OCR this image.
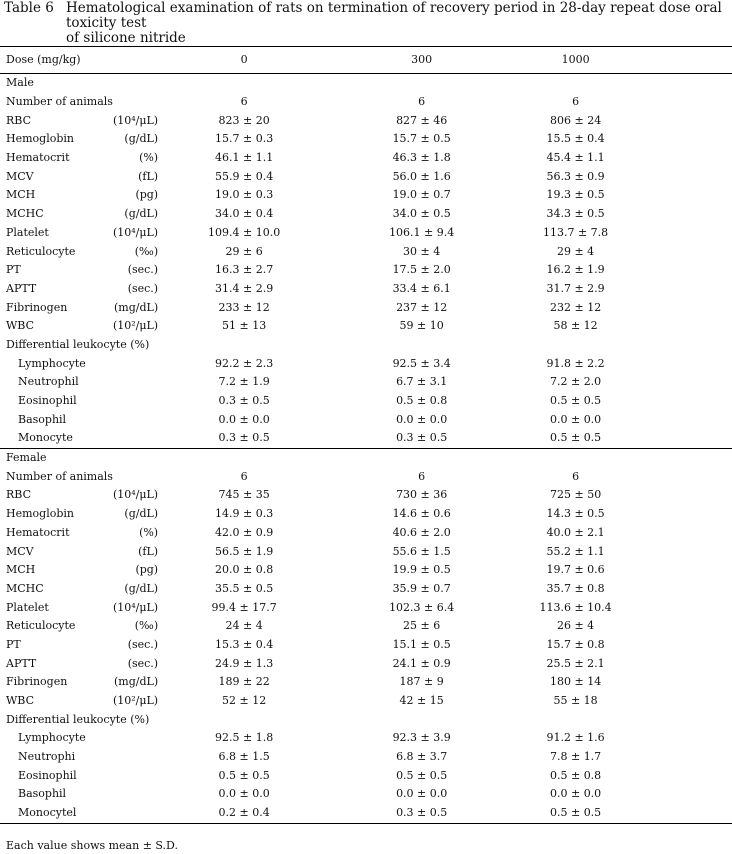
Table 6 Hematological examination of rats on termination of recovery period in 28-day repeat dose oral toxicity test
of silicone nitride
Dose (mg/kg)		0	300	1000
Male				
Number of animals		6	6	6
RBC	(10⁴/μL)	823 ± 20	827 ± 46	806 ± 24
Hemoglobin	(g/dL)	15.7 ± 0.3	15.7 ± 0.5	15.5 ± 0.4
Hematocrit	(%)	46.1 ± 1.1	46.3 ± 1.8	45.4 ± 1.1
MCV	(fL)	55.9 ± 0.4	56.0 ± 1.6	56.3 ± 0.9
MCH	(pg)	19.0 ± 0.3	19.0 ± 0.7	19.3 ± 0.5
MCHC	(g/dL)	34.0 ± 0.4	34.0 ± 0.5	34.3 ± 0.5
Platelet	(10⁴/μL)	109.4 ± 10.0	106.1 ± 9.4	113.7 ± 7.8
Reticulocyte	(‰)	29 ± 6	30 ± 4	29 ± 4
PT	(sec.)	16.3 ± 2.7	17.5 ± 2.0	16.2 ± 1.9
APTT	(sec.)	31.4 ± 2.9	33.4 ± 6.1	31.7 ± 2.9
Fibrinogen	(mg/dL)	233 ± 12	237 ± 12	232 ± 12
WBC	(10²/μL)	51 ± 13	59 ± 10	58 ± 12
Differential leukocyte (%)				
Lymphocyte		92.2 ± 2.3	92.5 ± 3.4	91.8 ± 2.2
Neutrophil		7.2 ± 1.9	6.7 ± 3.1	7.2 ± 2.0
Eosinophil		0.3 ± 0.5	0.5 ± 0.8	0.5 ± 0.5
Basophil		0.0 ± 0.0	0.0 ± 0.0	0.0 ± 0.0
Monocyte		0.3 ± 0.5	0.3 ± 0.5	0.5 ± 0.5
Female				
Number of animals		6	6	6
RBC	(10⁴/μL)	745 ± 35	730 ± 36	725 ± 50
Hemoglobin	(g/dL)	14.9 ± 0.3	14.6 ± 0.6	14.3 ± 0.5
Hematocrit	(%)	42.0 ± 0.9	40.6 ± 2.0	40.0 ± 2.1
MCV	(fL)	56.5 ± 1.9	55.6 ± 1.5	55.2 ± 1.1
MCH	(pg)	20.0 ± 0.8	19.9 ± 0.5	19.7 ± 0.6
MCHC	(g/dL)	35.5 ± 0.5	35.9 ± 0.7	35.7 ± 0.8
Platelet	(10⁴/μL)	99.4 ± 17.7	102.3 ± 6.4	113.6 ± 10.4
Reticulocyte	(‰)	24 ± 4	25 ± 6	26 ± 4
PT	(sec.)	15.3 ± 0.4	15.1 ± 0.5	15.7 ± 0.8
APTT	(sec.)	24.9 ± 1.3	24.1 ± 0.9	25.5 ± 2.1
Fibrinogen	(mg/dL)	189 ± 22	187 ± 9	180 ± 14
WBC	(10²/μL)	52 ± 12	42 ± 15	55 ± 18
Differential leukocyte (%)				
Lymphocyte		92.5 ± 1.8	92.3 ± 3.9	91.2 ± 1.6
Neutrophi		6.8 ± 1.5	6.8 ± 3.7	7.8 ± 1.7
Eosinophil		0.5 ± 0.5	0.5 ± 0.5	0.5 ± 0.8
Basophil		0.0 ± 0.0	0.0 ± 0.0	0.0 ± 0.0
Monocytel		0.2 ± 0.4	0.3 ± 0.5	0.5 ± 0.5
Each value shows mean ± S.D.
